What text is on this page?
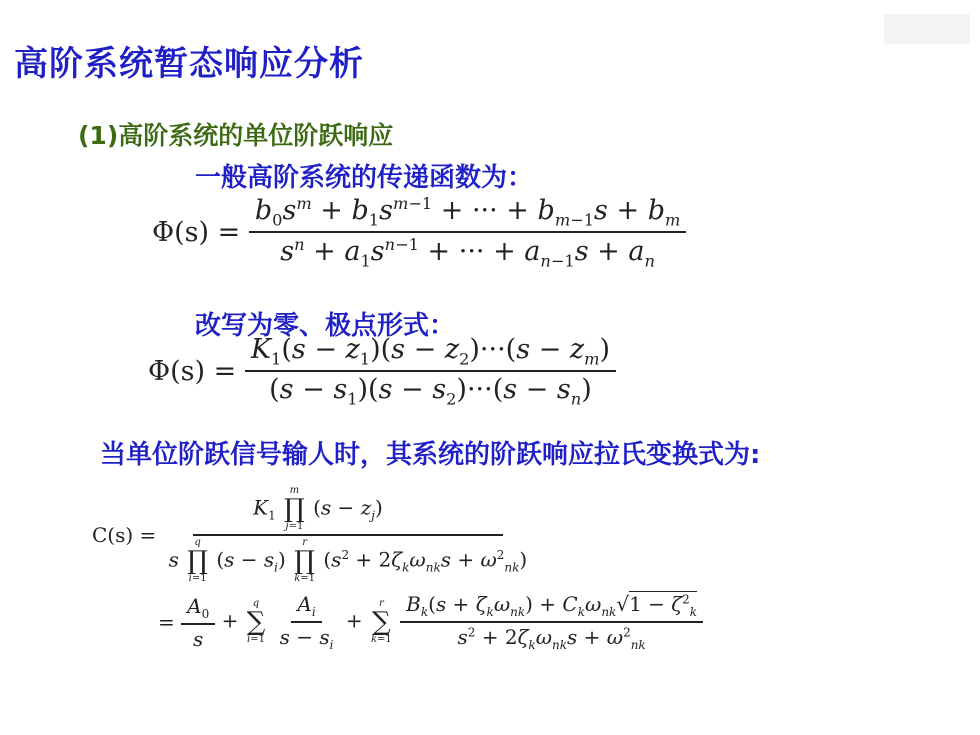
高阶系统暂态响应分析
(1)高阶系统的单位阶跃响应
一般高阶系统的传递函数为：
$\Phi(s) = \frac{b_0s^m + b_1s^{m-1} + \cdot\cdot\cdot + b_{m-1}s + b_m}{s^n + a_1s^{n-1} + \cdot\cdot\cdot + a_{n-1}s + a_n}$
改写为零、极点形式：
$\Phi(s) = \frac{K_1(s - z_1)(s - z_2)\cdot\cdot\cdot(s - z_m)}{(s - s_1)(s - s_2)\cdot\cdot\cdot(s - s_n)}$
当单位阶跃信号输人时，其系统的阶跃响应拉氏变换式为:
C(s) =
$K_1$
m
∏
j=1
$(s - z_j)$
s
q
∏
i=1
$(s - s_i)$
r
∏
k=1
$(s^2 + 2\zeta_k\omega_{nk}s + \omega^2_{nk})$
= $\frac{A_0}{s}$ +
q
∑
i=1
$\frac{A_i}{s - s_i}$ +
r
∑
k=1
$\frac{B_k(s + \zeta_k\omega_{nk}) + C_k\omega_{nk}√1 - \zeta^2_k}{s^2 + 2\zeta_k\omega_{nk}s + \omega^2_{nk}}$
